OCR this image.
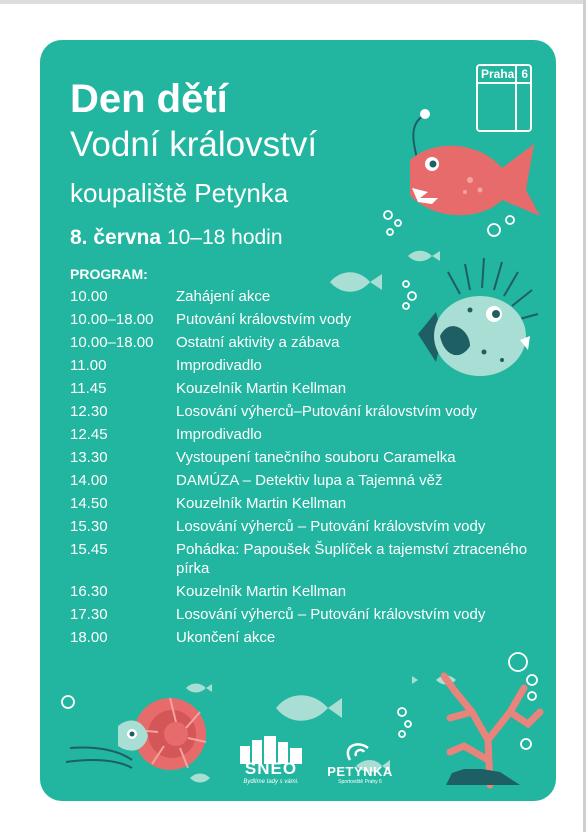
Praha 6
Den dětí
Vodní království
koupaliště Petynka
8. června 10–18 hodin
PROGRAM:
10.00	Zahájení akce
10.00–18.00	Putování královstvím vody
10.00–18.00	Ostatní aktivity a zábava
11.00	Improdivadlo
11.45	Kouzelník Martin Kellman
12.30	Losování výherců–Putování královstvím vody
12.45	Improdivadlo
13.30	Vystoupení tanečního souboru Caramelka
14.00	DAMÚZA – Detektiv lupa a Tajemná věž
14.50	Kouzelník Martin Kellman
15.30	Losování výherců – Putování královstvím vody
15.45	Pohádka: Papoušek Šuplíček a tajemství ztraceného pírka
16.30	Kouzelník Martin Kellman
17.30	Losování výherců – Putování královstvím vody
18.00	Ukončení akce
SNEO
Bydlíme tady s vámi.
PETYNKA
Sportoviště Prahy 6
